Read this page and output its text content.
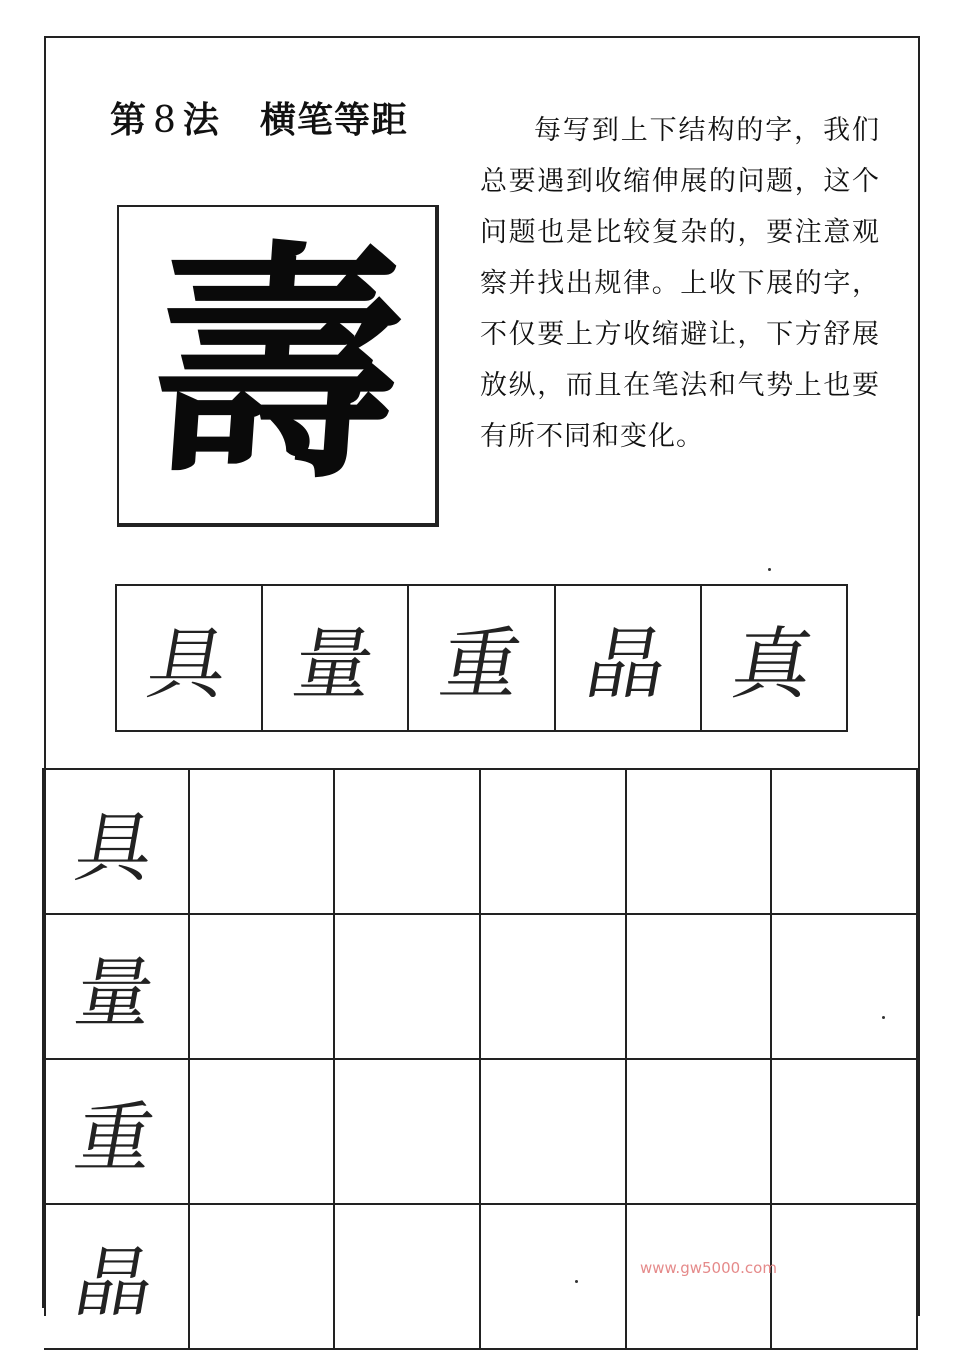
第 8 法 横笔等距	每写到上下结构的字，我们总要遇到收缩伸展的问题，这个问题也是比较复杂的，要注意观察并找出规律。上收下展的字，不仅要上方收缩避让，下方舒展放纵，而且在笔法和气势上也要有所不同和变化。
壽
具 量 重 晶 真
具
量
重
晶	www.gw5000.com
